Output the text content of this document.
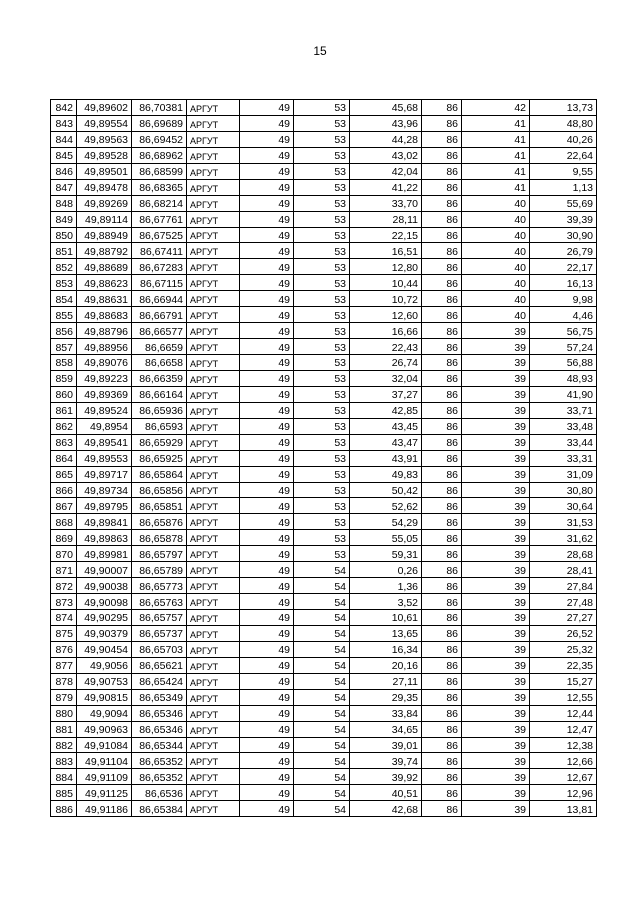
15
842	49,89602	86,70381	АРГУТ	49	53	45,68	86	42	13,73
843	49,89554	86,69689	АРГУТ	49	53	43,96	86	41	48,80
844	49,89563	86,69452	АРГУТ	49	53	44,28	86	41	40,26
845	49,89528	86,68962	АРГУТ	49	53	43,02	86	41	22,64
846	49,89501	86,68599	АРГУТ	49	53	42,04	86	41	9,55
847	49,89478	86,68365	АРГУТ	49	53	41,22	86	41	1,13
848	49,89269	86,68214	АРГУТ	49	53	33,70	86	40	55,69
849	49,89114	86,67761	АРГУТ	49	53	28,11	86	40	39,39
850	49,88949	86,67525	АРГУТ	49	53	22,15	86	40	30,90
851	49,88792	86,67411	АРГУТ	49	53	16,51	86	40	26,79
852	49,88689	86,67283	АРГУТ	49	53	12,80	86	40	22,17
853	49,88623	86,67115	АРГУТ	49	53	10,44	86	40	16,13
854	49,88631	86,66944	АРГУТ	49	53	10,72	86	40	9,98
855	49,88683	86,66791	АРГУТ	49	53	12,60	86	40	4,46
856	49,88796	86,66577	АРГУТ	49	53	16,66	86	39	56,75
857	49,88956	86,6659	АРГУТ	49	53	22,43	86	39	57,24
858	49,89076	86,6658	АРГУТ	49	53	26,74	86	39	56,88
859	49,89223	86,66359	АРГУТ	49	53	32,04	86	39	48,93
860	49,89369	86,66164	АРГУТ	49	53	37,27	86	39	41,90
861	49,89524	86,65936	АРГУТ	49	53	42,85	86	39	33,71
862	49,8954	86,6593	АРГУТ	49	53	43,45	86	39	33,48
863	49,89541	86,65929	АРГУТ	49	53	43,47	86	39	33,44
864	49,89553	86,65925	АРГУТ	49	53	43,91	86	39	33,31
865	49,89717	86,65864	АРГУТ	49	53	49,83	86	39	31,09
866	49,89734	86,65856	АРГУТ	49	53	50,42	86	39	30,80
867	49,89795	86,65851	АРГУТ	49	53	52,62	86	39	30,64
868	49,89841	86,65876	АРГУТ	49	53	54,29	86	39	31,53
869	49,89863	86,65878	АРГУТ	49	53	55,05	86	39	31,62
870	49,89981	86,65797	АРГУТ	49	53	59,31	86	39	28,68
871	49,90007	86,65789	АРГУТ	49	54	0,26	86	39	28,41
872	49,90038	86,65773	АРГУТ	49	54	1,36	86	39	27,84
873	49,90098	86,65763	АРГУТ	49	54	3,52	86	39	27,48
874	49,90295	86,65757	АРГУТ	49	54	10,61	86	39	27,27
875	49,90379	86,65737	АРГУТ	49	54	13,65	86	39	26,52
876	49,90454	86,65703	АРГУТ	49	54	16,34	86	39	25,32
877	49,9056	86,65621	АРГУТ	49	54	20,16	86	39	22,35
878	49,90753	86,65424	АРГУТ	49	54	27,11	86	39	15,27
879	49,90815	86,65349	АРГУТ	49	54	29,35	86	39	12,55
880	49,9094	86,65346	АРГУТ	49	54	33,84	86	39	12,44
881	49,90963	86,65346	АРГУТ	49	54	34,65	86	39	12,47
882	49,91084	86,65344	АРГУТ	49	54	39,01	86	39	12,38
883	49,91104	86,65352	АРГУТ	49	54	39,74	86	39	12,66
884	49,91109	86,65352	АРГУТ	49	54	39,92	86	39	12,67
885	49,91125	86,6536	АРГУТ	49	54	40,51	86	39	12,96
886	49,91186	86,65384	АРГУТ	49	54	42,68	86	39	13,81
